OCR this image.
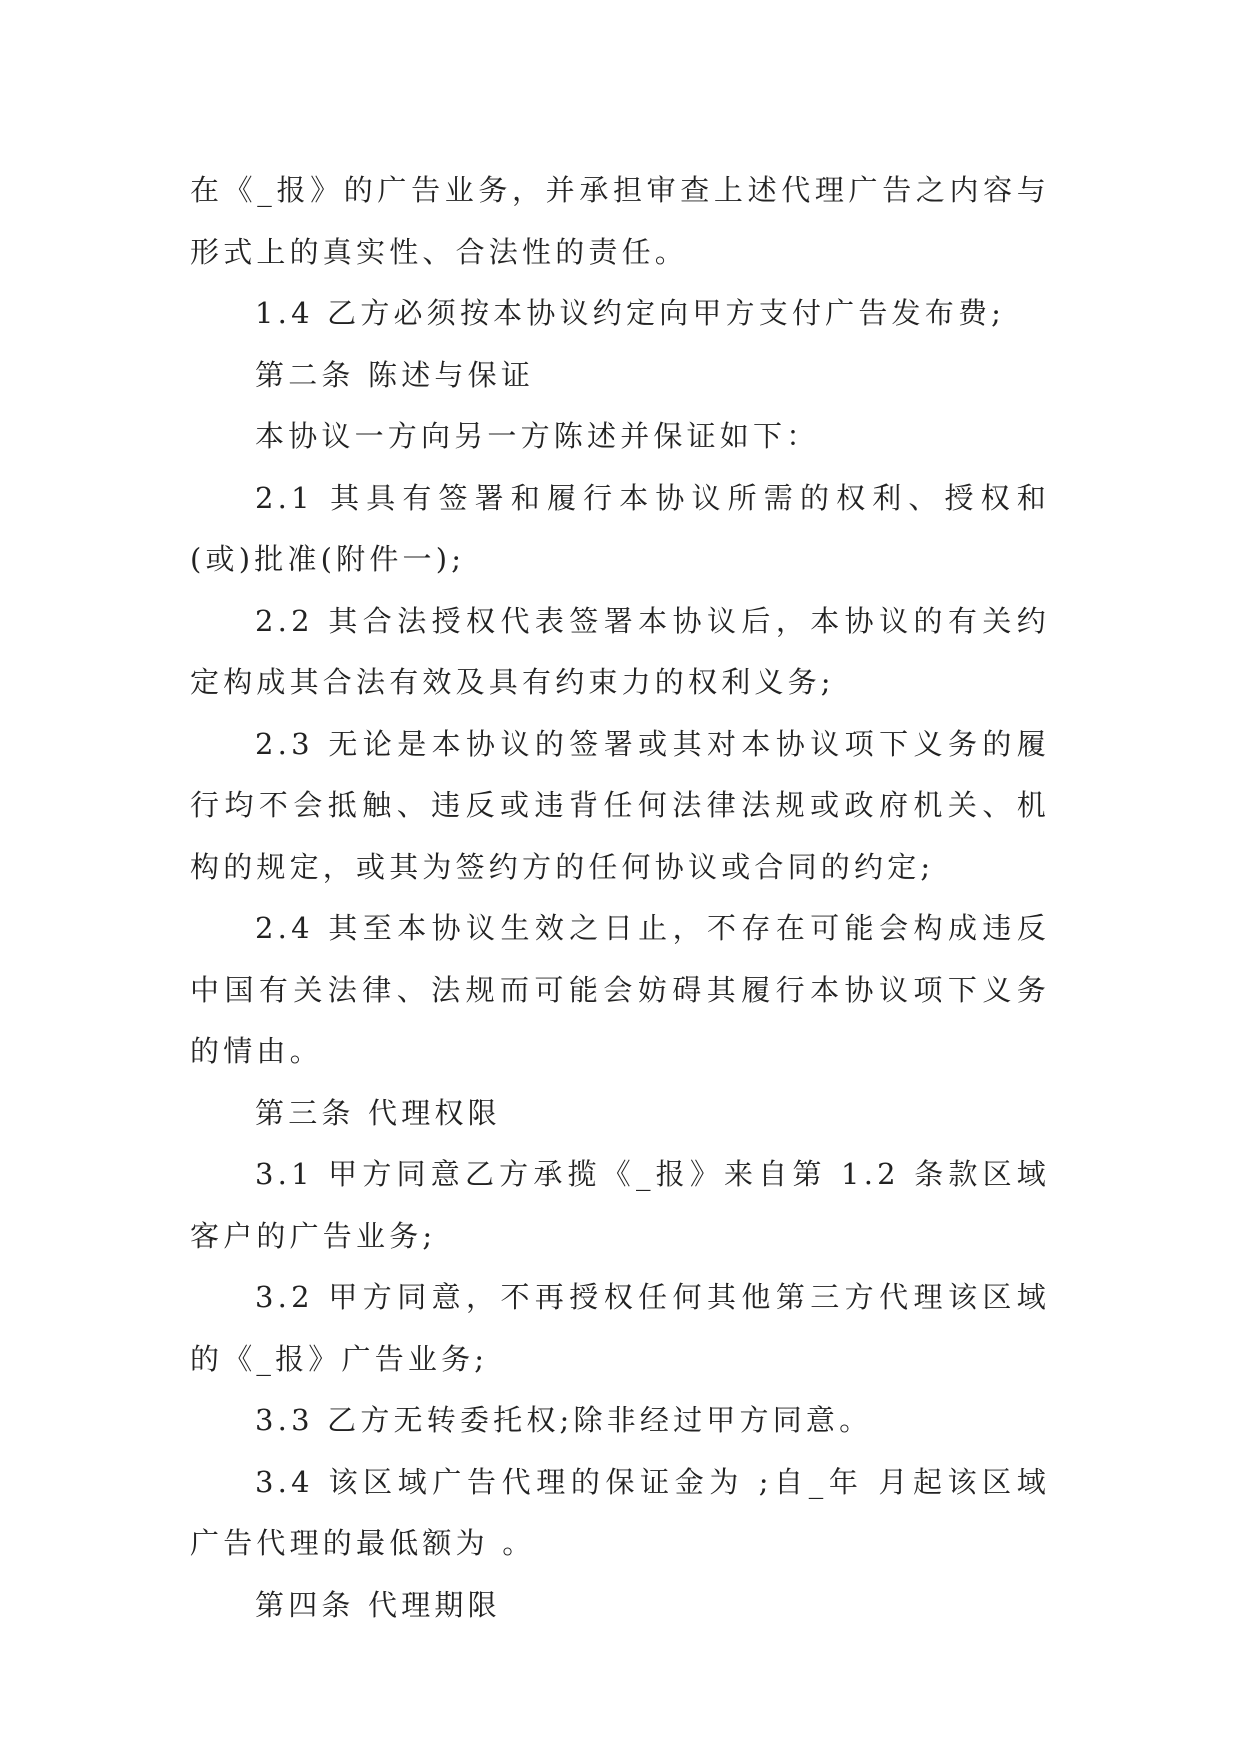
在《_报》的广告业务，并承担审查上述代理广告之内容与形式上的真实性、合法性的责任。

1.4 乙方必须按本协议约定向甲方支付广告发布费;

第二条 陈述与保证

本协议一方向另一方陈述并保证如下：

2.1 其具有签署和履行本协议所需的权利、授权和(或)批准(附件一);

2.2 其合法授权代表签署本协议后，本协议的有关约定构成其合法有效及具有约束力的权利义务;

2.3 无论是本协议的签署或其对本协议项下义务的履行均不会抵触、违反或违背任何法律法规或政府机关、机构的规定，或其为签约方的任何协议或合同的约定;

2.4 其至本协议生效之日止，不存在可能会构成违反中国有关法律、法规而可能会妨碍其履行本协议项下义务的情由。

第三条 代理权限

3.1 甲方同意乙方承揽《_报》来自第 1.2 条款区域客户的广告业务;

3.2 甲方同意，不再授权任何其他第三方代理该区域的《_报》广告业务;

3.3 乙方无转委托权;除非经过甲方同意。

3.4 该区域广告代理的保证金为 ;自_年 月起该区域广告代理的最低额为 。

第四条 代理期限
